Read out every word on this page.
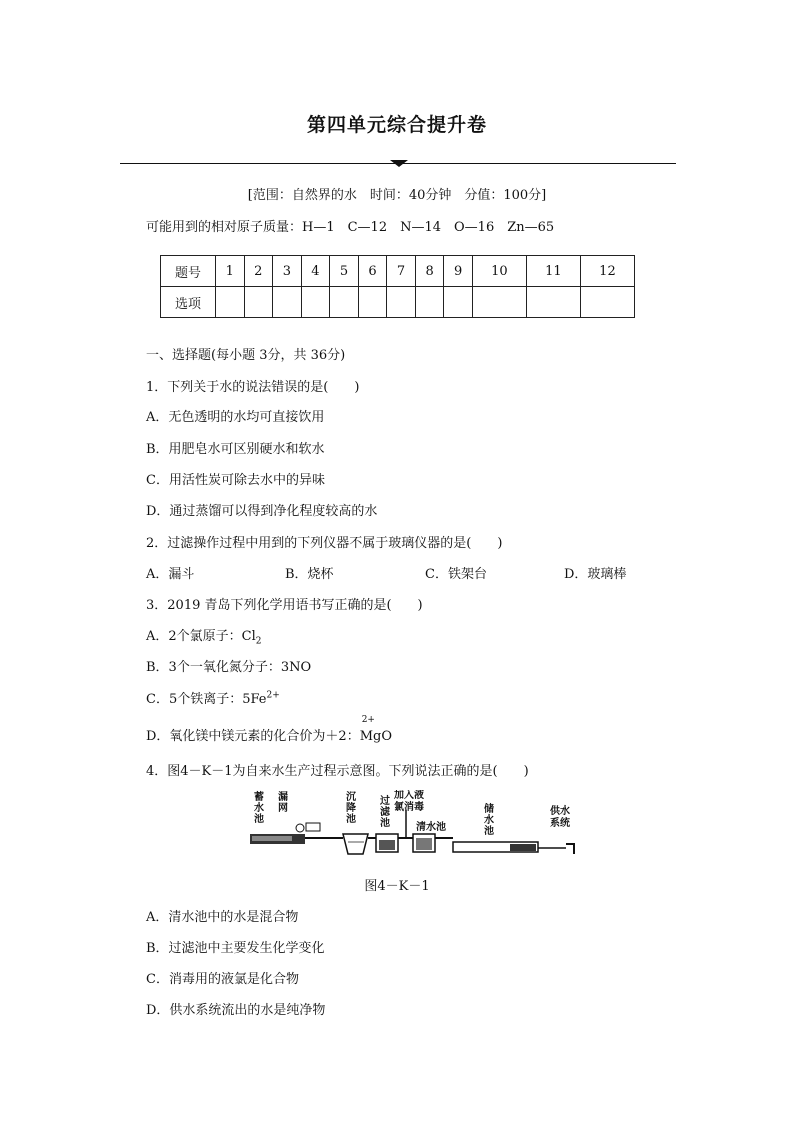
第四单元综合提升卷
[范围：自然界的水　时间：40分钟　分值：100分]
可能用到的相对原子质量：H—1　C—12　N—14　O—16　Zn—65
题号	1	2	3	4	5	6	7	8	9	10	11	12
选项												
一、选择题(每小题 3分，共 36分)
1．下列关于水的说法错误的是(　　)
A．无色透明的水均可直接饮用
B．用肥皂水可区别硬水和软水
C．用活性炭可除去水中的异味
D．通过蒸馏可以得到净化程度较高的水
2．过滤操作过程中用到的下列仪器不属于玻璃仪器的是(　　)
A．漏斗	B．烧杯	C．铁架台	D．玻璃棒
3．2019 青岛下列化学用语书写正确的是(　　)
A．2个氯原子：$Cl_2$
B．3个一氧化氮分子：3NO
C．5个铁离子：$5Fe^{2+}$
D．氧化镁中镁元素的化合价为＋2：
2+
MgO
4．图4－K－1为自来水生产过程示意图。下列说法正确的是(　　)
蓄
水
池
漏
网
沉
降
池
过
滤
池
加入液
氯消毒
清水池
储
水
池
供水
系统
图4－K－1
A．清水池中的水是混合物
B．过滤池中主要发生化学变化
C．消毒用的液氯是化合物
D．供水系统流出的水是纯净物
